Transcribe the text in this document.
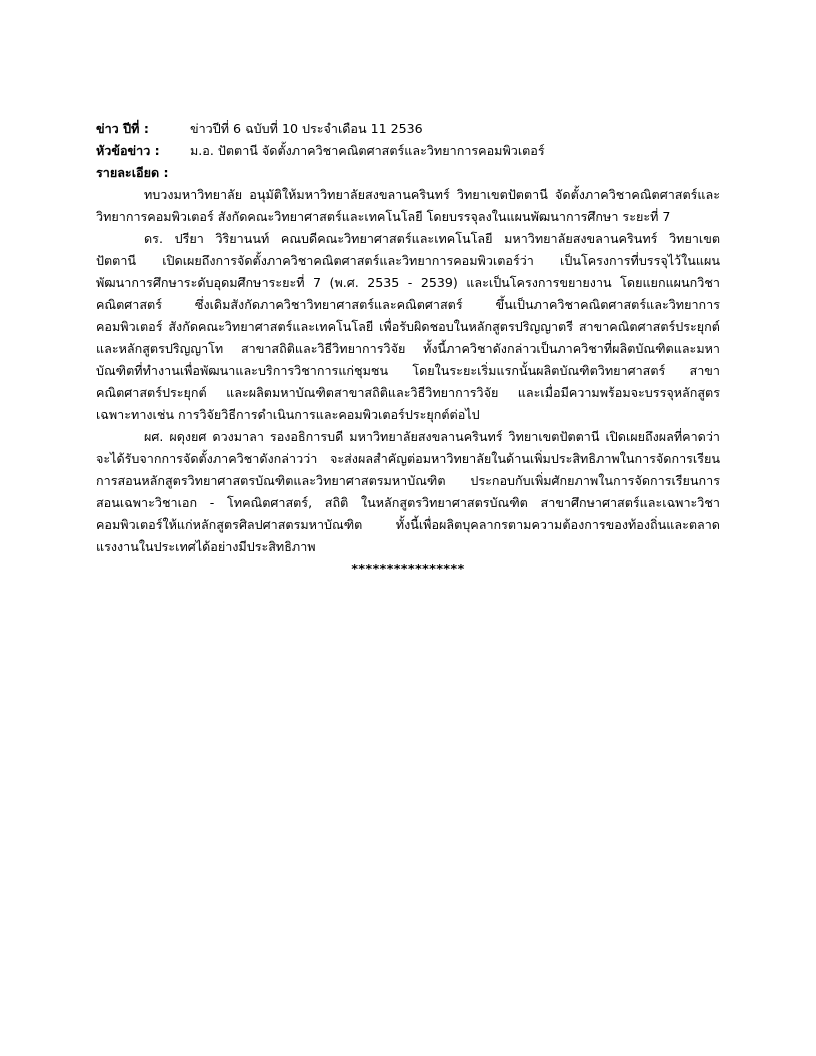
ข่าว ปีที่ :	ข่าวปีที่ 6 ฉบับที่ 10 ประจำเดือน 11 2536
หัวข้อข่าว :	ม.อ. ปัตตานี จัดตั้งภาควิชาคณิตศาสตร์และวิทยาการคอมพิวเตอร์
รายละเอียด :

ทบวงมหาวิทยาลัย อนุมัติให้มหาวิทยาลัยสงขลานครินทร์ วิทยาเขตปัตตานี จัดตั้งภาควิชาคณิตศาสตร์และวิทยาการคอมพิวเตอร์ สังกัดคณะวิทยาศาสตร์และเทคโนโลยี โดยบรรจุลงในแผนพัฒนาการศึกษา ระยะที่ 7

ดร. ปรียา วิริยานนท์ คณบดีคณะวิทยาศาสตร์และเทคโนโลยี มหาวิทยาลัยสงขลานครินทร์ วิทยาเขตปัตตานี เปิดเผยถึงการจัดตั้งภาควิชาคณิตศาสตร์และวิทยาการคอมพิวเตอร์ว่า เป็นโครงการที่บรรจุไว้ในแผนพัฒนาการศึกษาระดับอุดมศึกษาระยะที่ 7 (พ.ศ. 2535 - 2539) และเป็นโครงการขยายงาน โดยแยกแผนกวิชาคณิตศาสตร์ ซึ่งเดิมสังกัดภาควิชาวิทยาศาสตร์และคณิตศาสตร์ ขึ้นเป็นภาควิชาคณิตศาสตร์และวิทยาการคอมพิวเตอร์ สังกัดคณะวิทยาศาสตร์และเทคโนโลยี เพื่อรับผิดชอบในหลักสูตรปริญญาตรี สาขาคณิตศาสตร์ประยุกต์ และหลักสูตรปริญญาโท สาขาสถิติและวิธีวิทยาการวิจัย ทั้งนี้ภาควิชาดังกล่าวเป็นภาควิชาที่ผลิตบัณฑิตและมหาบัณฑิตที่ทำงานเพื่อพัฒนาและบริการวิชาการแก่ชุมชน โดยในระยะเริ่มแรกนั้นผลิตบัณฑิตวิทยาศาสตร์ สาขาคณิตศาสตร์ประยุกต์ และผลิตมหาบัณฑิตสาขาสถิติและวิธีวิทยาการวิจัย และเมื่อมีความพร้อมจะบรรจุหลักสูตรเฉพาะทางเช่น การวิจัยวิธีการดำเนินการและคอมพิวเตอร์ประยุกต์ต่อไป

ผศ. ผดุงยศ ดวงมาลา รองอธิการบดี มหาวิทยาลัยสงขลานครินทร์ วิทยาเขตปัตตานี เปิดเผยถึงผลที่คาดว่าจะได้รับจากการจัดตั้งภาควิชาดังกล่าวว่า จะส่งผลสำคัญต่อมหาวิทยาลัยในด้านเพิ่มประสิทธิภาพในการจัดการเรียนการสอนหลักสูตรวิทยาศาสตรบัณฑิตและวิทยาศาสตรมหาบัณฑิต ประกอบกับเพิ่มศักยภาพในการจัดการเรียนการสอนเฉพาะวิชาเอก - โทคณิตศาสตร์, สถิติ ในหลักสูตรวิทยาศาสตรบัณฑิต สาขาศึกษาศาสตร์และเฉพาะวิชาคอมพิวเตอร์ให้แก่หลักสูตรศิลปศาสตรมหาบัณฑิต ทั้งนี้เพื่อผลิตบุคลากรตามความต้องการของท้องถิ่นและตลาดแรงงานในประเทศได้อย่างมีประสิทธิภาพ

****************
